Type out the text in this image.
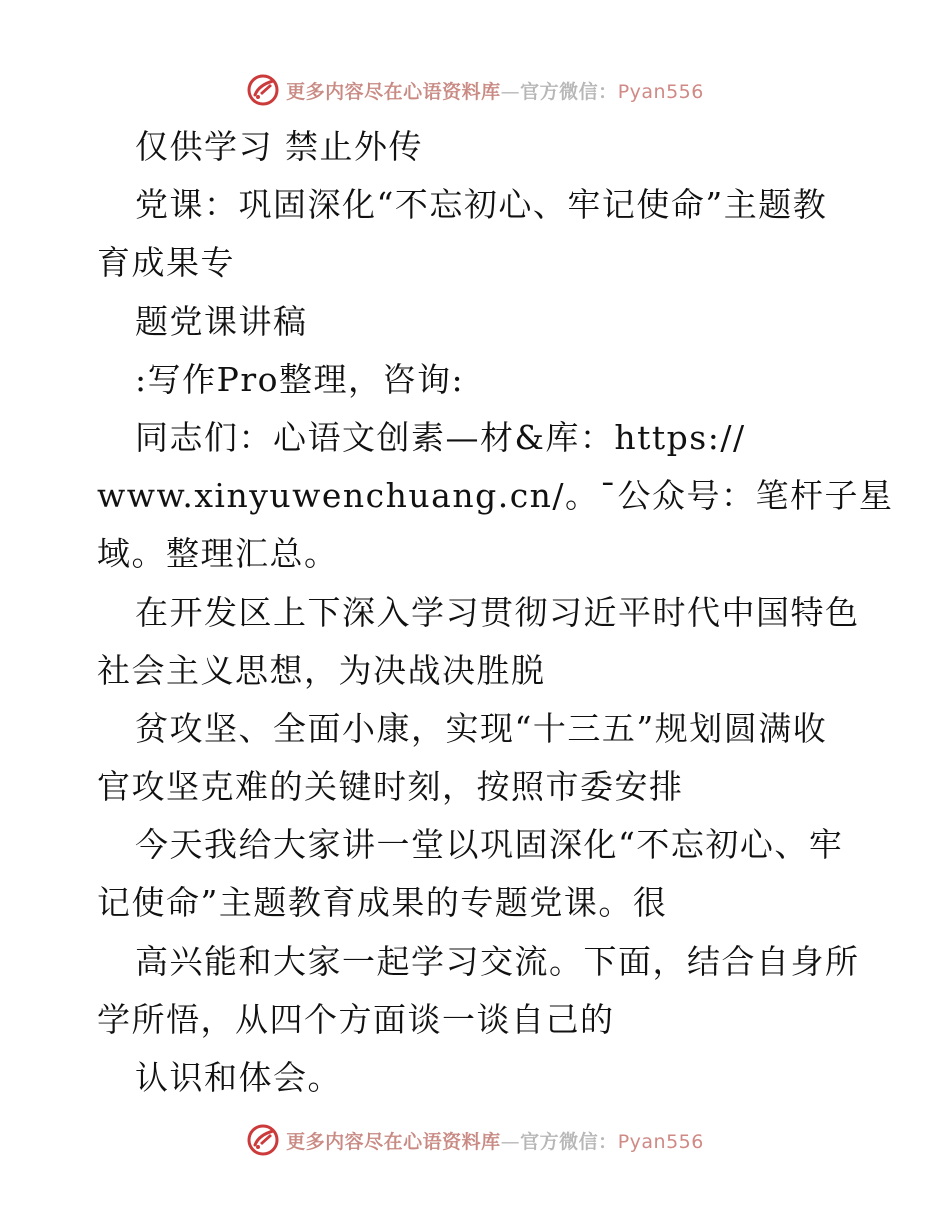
更多内容尽在心语资料库—官方微信：Pyan556
仅供学习 禁止外传
党课：巩固深化“不忘初心、牢记使命”主题教
育成果专
题党课讲稿
:写作Pro整理，咨询:
同志们：心语文创素—材&库：https://
www.xinyuwenchuang.cn/。¯公众号：笔杆子星
域。整理汇总。
在开发区上下深入学习贯彻习近平时代中国特色
社会主义思想，为决战决胜脱
贫攻坚、全面小康，实现“十三五”规划圆满收
官攻坚克难的关键时刻，按照市委安排
今天我给大家讲一堂以巩固深化“不忘初心、牢
记使命”主题教育成果的专题党课。很
高兴能和大家一起学习交流。下面，结合自身所
学所悟，从四个方面谈一谈自己的
认识和体会。
更多内容尽在心语资料库—官方微信：Pyan556
